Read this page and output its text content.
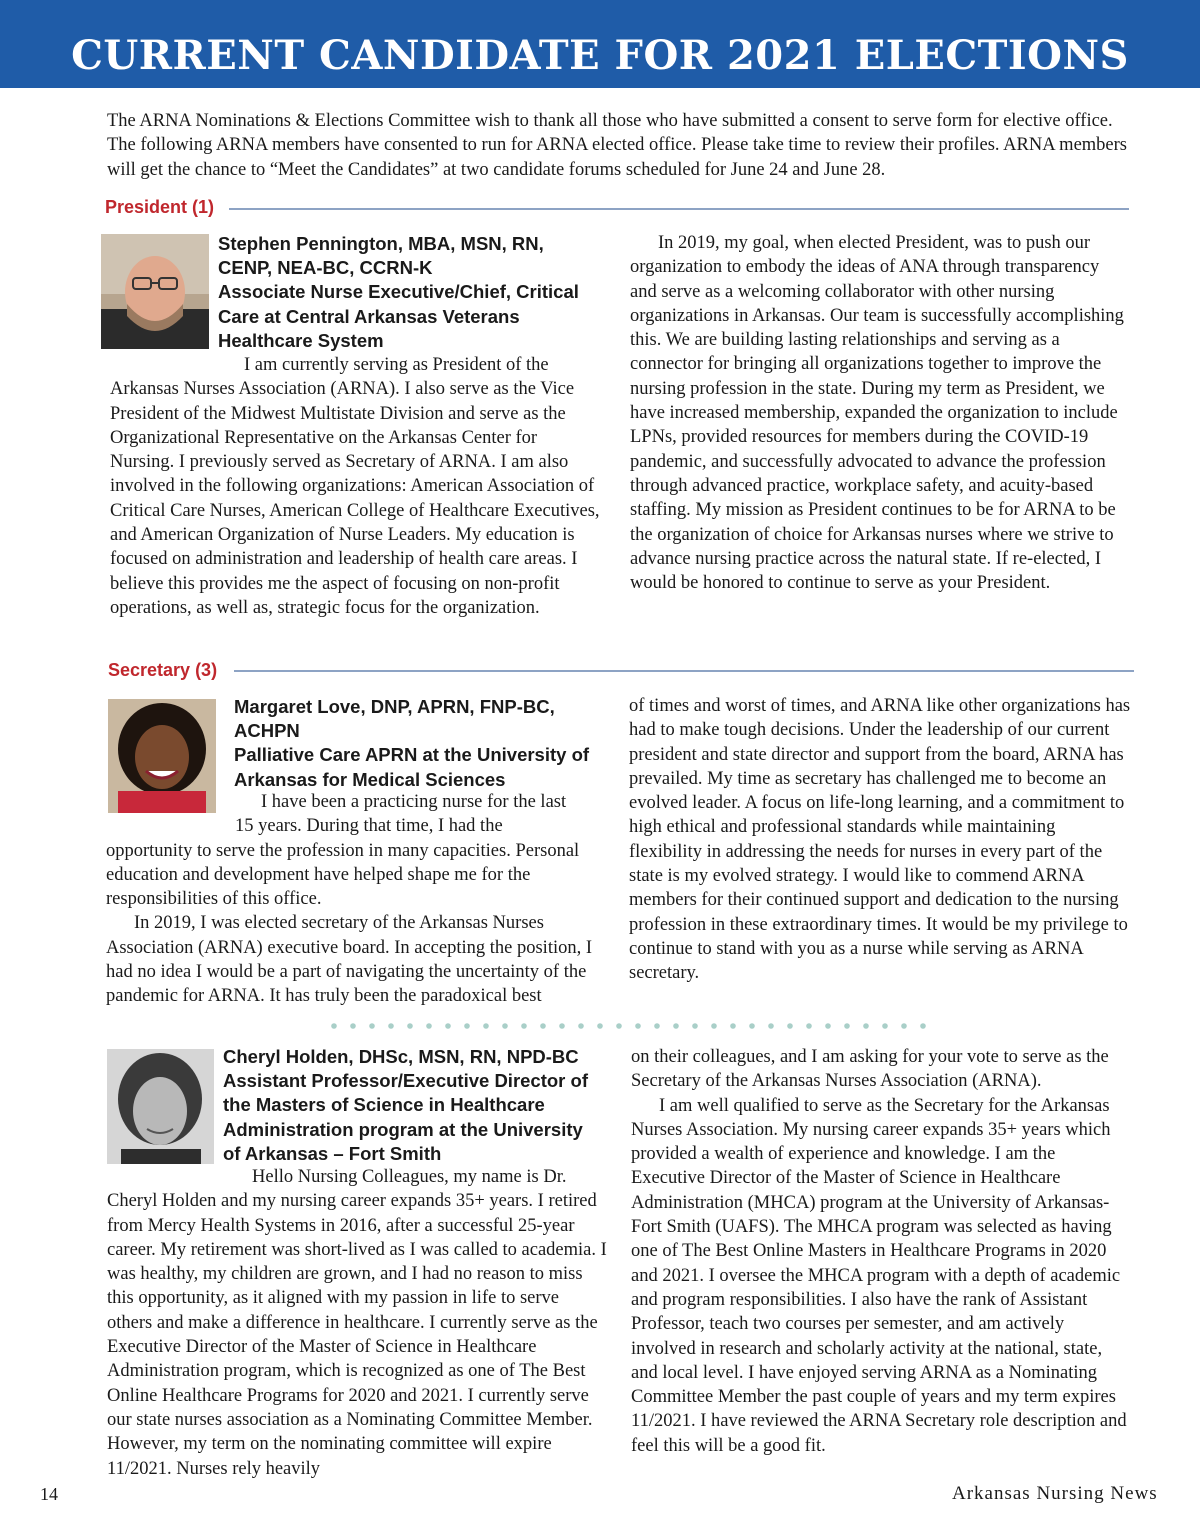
CURRENT CANDIDATE FOR 2021 ELECTIONS

The ARNA Nominations & Elections Committee wish to thank all those who have submitted a consent to serve form for elective office. The following ARNA members have consented to run for ARNA elected office. Please take time to review their profiles. ARNA members will get the chance to “Meet the Candidates” at two candidate forums scheduled for June 24 and June 28.

President (1)
Stephen Pennington, MBA, MSN, RN,
CENP, NEA-BC, CCRN-K
Associate Nurse Executive/Chief, Critical
Care at Central Arkansas Veterans
Healthcare System

I am currently serving as President of the Arkansas Nurses Association (ARNA). I also serve as the Vice President of the Midwest Multistate Division and serve as the Organizational Representative on the Arkansas Center for Nursing. I previously served as Secretary of ARNA. I am also involved in the following organizations: American Association of Critical Care Nurses, American College of Healthcare Executives, and American Organization of Nurse Leaders. My education is focused on administration and leadership of health care areas. I believe this provides me the aspect of focusing on non-profit operations, as well as, strategic focus for the organization.

In 2019, my goal, when elected President, was to push our organization to embody the ideas of ANA through transparency and serve as a welcoming collaborator with other nursing organizations in Arkansas. Our team is successfully accomplishing this. We are building lasting relationships and serving as a connector for bringing all organizations together to improve the nursing profession in the state. During my term as President, we have increased membership, expanded the organization to include LPNs, provided resources for members during the COVID-19 pandemic, and successfully advocated to advance the profession through advanced practice, workplace safety, and acuity-based staffing. My mission as President continues to be for ARNA to be the organization of choice for Arkansas nurses where we strive to advance nursing practice across the natural state. If re-elected, I would be honored to continue to serve as your President.

Secretary (3)
Margaret Love, DNP, APRN, FNP-BC,
ACHPN
Palliative Care APRN at the University of
Arkansas for Medical Sciences

I have been a practicing nurse for the last

15 years. During that time, I had the

opportunity to serve the profession in many capacities. Personal education and development have helped shape me for the responsibilities of this office.

In 2019, I was elected secretary of the Arkansas Nurses Association (ARNA) executive board. In accepting the position, I had no idea I would be a part of navigating the uncertainty of the pandemic for ARNA. It has truly been the paradoxical best

of times and worst of times, and ARNA like other organizations has had to make tough decisions. Under the leadership of our current president and state director and support from the board, ARNA has prevailed. My time as secretary has challenged me to become an evolved leader. A focus on life-long learning, and a commitment to high ethical and professional standards while maintaining flexibility in addressing the needs for nurses in every part of the state is my evolved strategy. I would like to commend ARNA members for their continued support and dedication to the nursing profession in these extraordinary times. It would be my privilege to continue to stand with you as a nurse while serving as ARNA secretary.

Cheryl Holden, DHSc, MSN, RN, NPD-BC
Assistant Professor/Executive Director of
the Masters of Science in Healthcare
Administration program at the University
of Arkansas – Fort Smith

Hello Nursing Colleagues, my name is Dr. Cheryl Holden and my nursing career expands 35+ years. I retired from Mercy Health Systems in 2016, after a successful 25-year career. My retirement was short-lived as I was called to academia. I was healthy, my children are grown, and I had no reason to miss this opportunity, as it aligned with my passion in life to serve others and make a difference in healthcare. I currently serve as the Executive Director of the Master of Science in Healthcare Administration program, which is recognized as one of The Best Online Healthcare Programs for 2020 and 2021. I currently serve our state nurses association as a Nominating Committee Member. However, my term on the nominating committee will expire 11/2021. Nurses rely heavily

on their colleagues, and I am asking for your vote to serve as the Secretary of the Arkansas Nurses Association (ARNA).

I am well qualified to serve as the Secretary for the Arkansas Nurses Association. My nursing career expands 35+ years which provided a wealth of experience and knowledge. I am the Executive Director of the Master of Science in Healthcare Administration (MHCA) program at the University of Arkansas-Fort Smith (UAFS). The MHCA program was selected as having one of The Best Online Masters in Healthcare Programs in 2020 and 2021. I oversee the MHCA program with a depth of academic and program responsibilities. I also have the rank of Assistant Professor, teach two courses per semester, and am actively involved in research and scholarly activity at the national, state, and local level. I have enjoyed serving ARNA as a Nominating Committee Member the past couple of years and my term expires 11/2021. I have reviewed the ARNA Secretary role description and feel this will be a good fit.

14	Arkansas Nursing News
